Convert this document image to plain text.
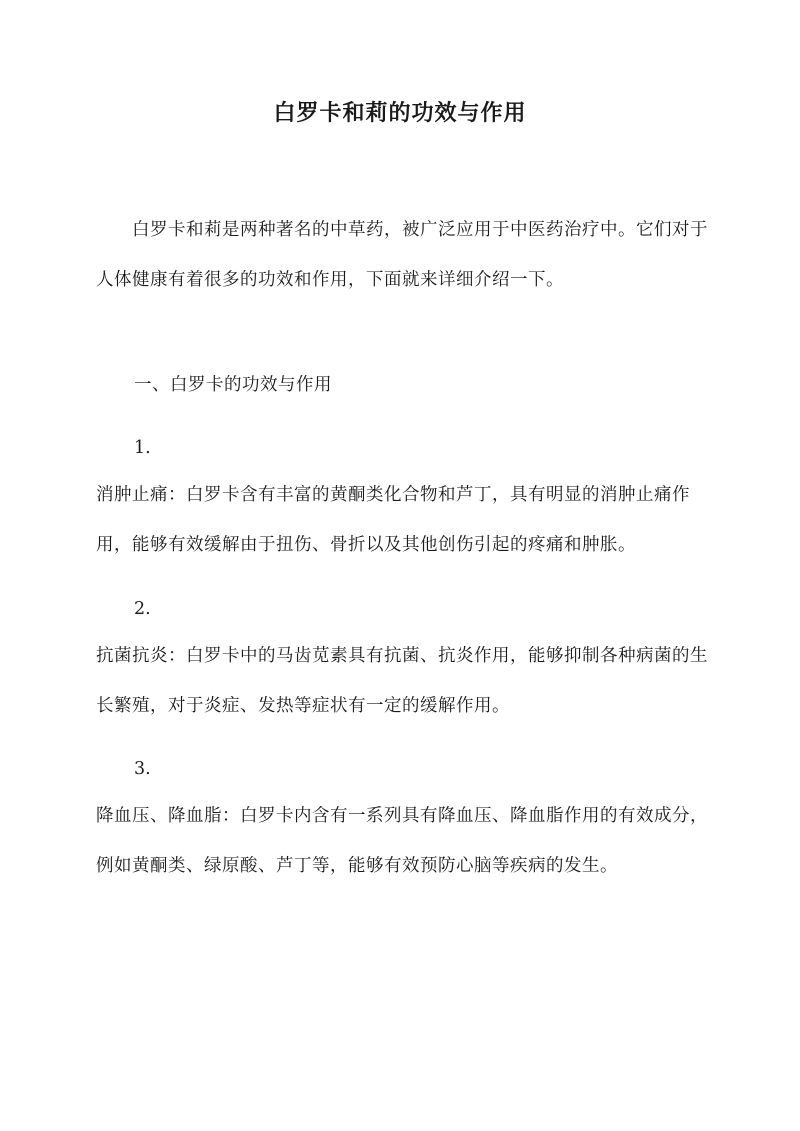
白罗卡和莉的功效与作用

白罗卡和莉是两种著名的中草药，被广泛应用于中医药治疗中。它们对于人体健康有着很多的功效和作用，下面就来详细介绍一下。

一、白罗卡的功效与作用
1.

消肿止痛：白罗卡含有丰富的黄酮类化合物和芦丁，具有明显的消肿止痛作用，能够有效缓解由于扭伤、骨折以及其他创伤引起的疼痛和肿胀。

2.

抗菌抗炎：白罗卡中的马齿苋素具有抗菌、抗炎作用，能够抑制各种病菌的生长繁殖，对于炎症、发热等症状有一定的缓解作用。

3.

降血压、降血脂：白罗卡内含有一系列具有降血压、降血脂作用的有效成分，例如黄酮类、绿原酸、芦丁等，能够有效预防心脑等疾病的发生。
